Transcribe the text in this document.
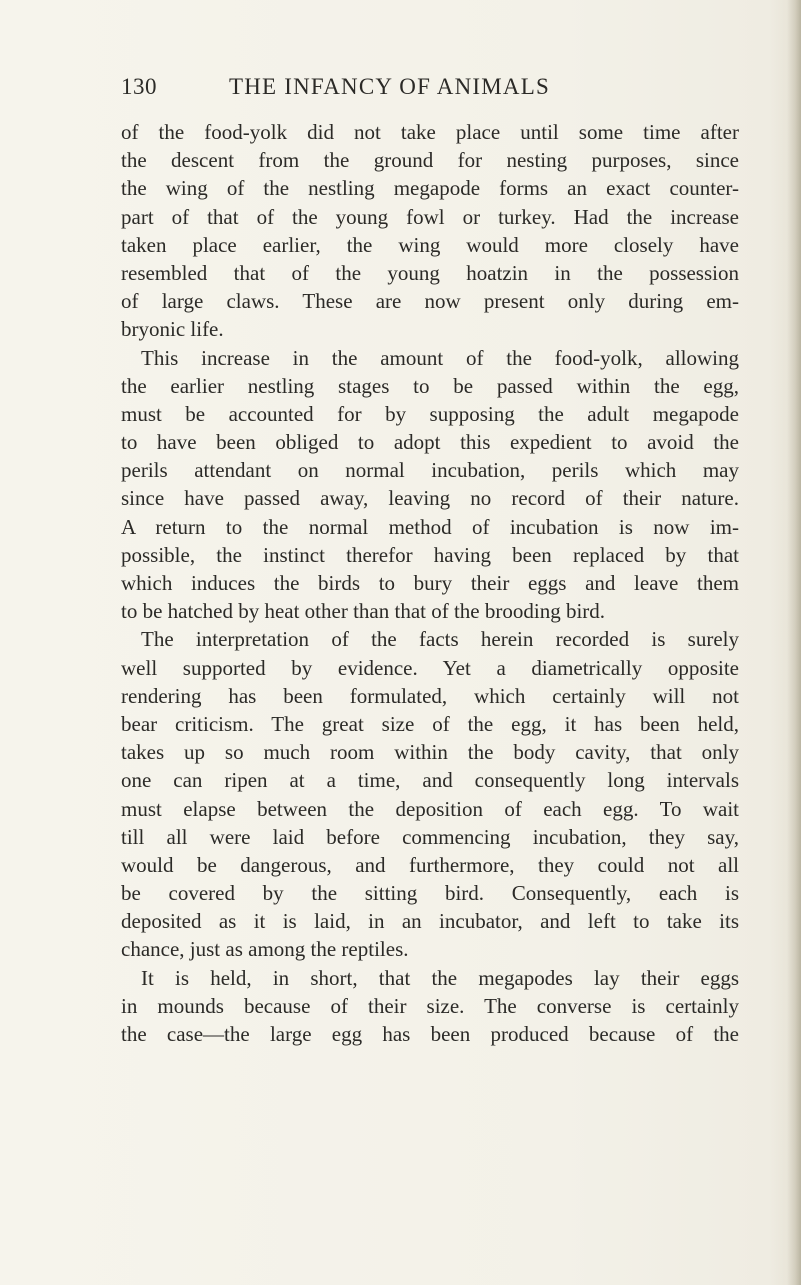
130	THE INFANCY OF ANIMALS
of the food-yolk did not take place until some time after
the descent from the ground for nesting purposes, since
the wing of the nestling megapode forms an exact counter-
part of that of the young fowl or turkey. Had the increase
taken place earlier, the wing would more closely have
resembled that of the young hoatzin in the possession
of large claws. These are now present only during em-
bryonic life.
This increase in the amount of the food-yolk, allowing
the earlier nestling stages to be passed within the egg,
must be accounted for by supposing the adult megapode
to have been obliged to adopt this expedient to avoid the
perils attendant on normal incubation, perils which may
since have passed away, leaving no record of their nature.
A return to the normal method of incubation is now im-
possible, the instinct therefor having been replaced by that
which induces the birds to bury their eggs and leave them
to be hatched by heat other than that of the brooding bird.
The interpretation of the facts herein recorded is surely
well supported by evidence. Yet a diametrically opposite
rendering has been formulated, which certainly will not
bear criticism. The great size of the egg, it has been held,
takes up so much room within the body cavity, that only
one can ripen at a time, and consequently long intervals
must elapse between the deposition of each egg. To wait
till all were laid before commencing incubation, they say,
would be dangerous, and furthermore, they could not all
be covered by the sitting bird. Consequently, each is
deposited as it is laid, in an incubator, and left to take its
chance, just as among the reptiles.
It is held, in short, that the megapodes lay their eggs
in mounds because of their size. The converse is certainly
the case—the large egg has been produced because of the
